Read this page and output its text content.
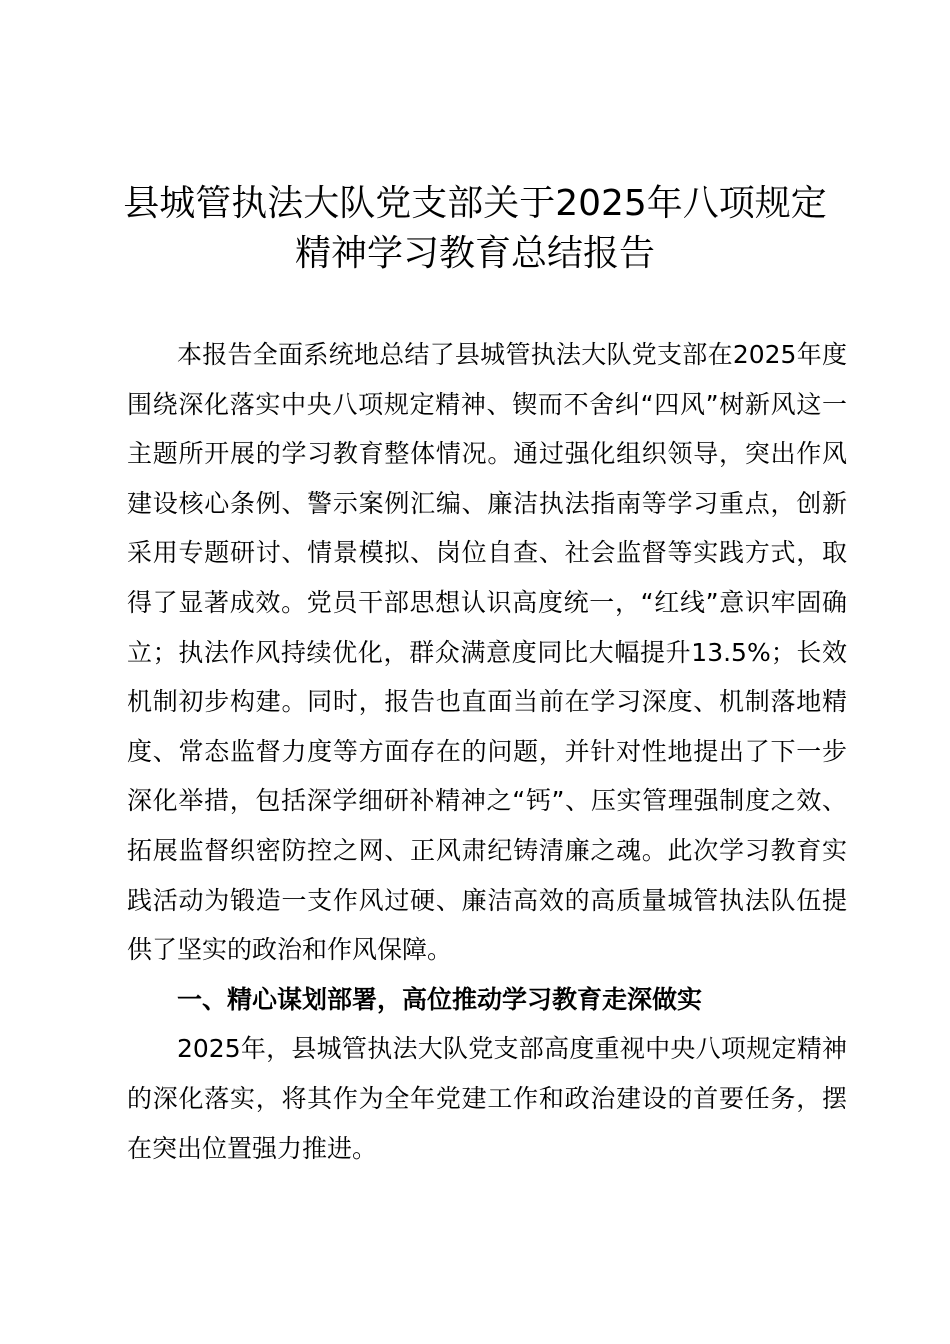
县城管执法大队党支部关于2025年八项规定
精神学习教育总结报告

本报告全面系统地总结了县城管执法大队党支部在2025年度围绕深化落实中央八项规定精神、锲而不舍纠“四风”树新风这一主题所开展的学习教育整体情况。通过强化组织领导，突出作风建设核心条例、警示案例汇编、廉洁执法指南等学习重点，创新采用专题研讨、情景模拟、岗位自查、社会监督等实践方式，取得了显著成效。党员干部思想认识高度统一，“红线”意识牢固确立；执法作风持续优化，群众满意度同比大幅提升13.5%；长效机制初步构建。同时，报告也直面当前在学习深度、机制落地精度、常态监督力度等方面存在的问题，并针对性地提出了下一步深化举措，包括深学细研补精神之“钙”、压实管理强制度之效、拓展监督织密防控之网、正风肃纪铸清廉之魂。此次学习教育实践活动为锻造一支作风过硬、廉洁高效的高质量城管执法队伍提供了坚实的政治和作风保障。

一、精心谋划部署，高位推动学习教育走深做实

2025年，县城管执法大队党支部高度重视中央八项规定精神的深化落实，将其作为全年党建工作和政治建设的首要任务，摆在突出位置强力推进。
